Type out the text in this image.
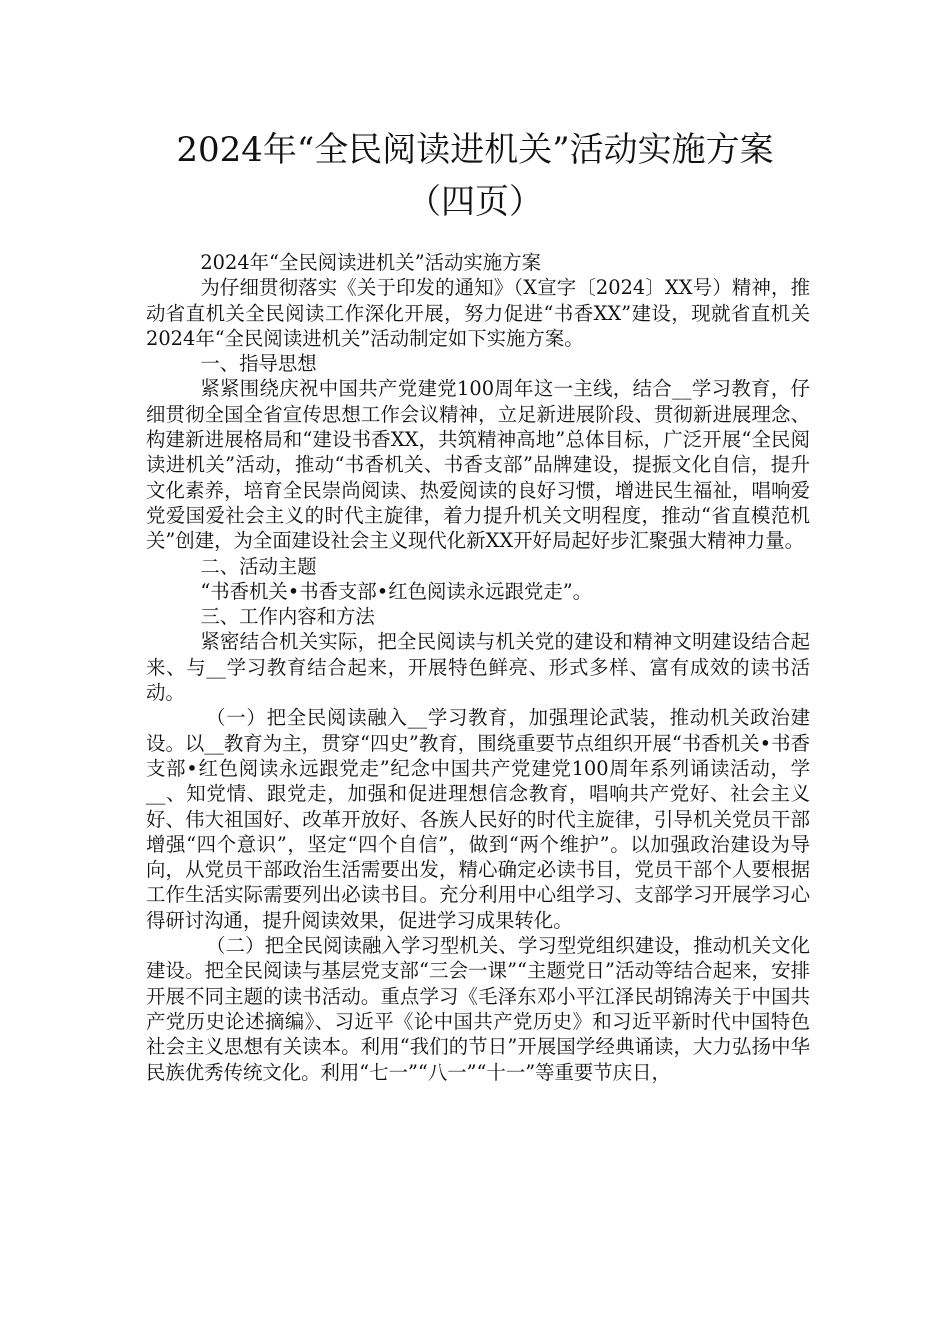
2024年“全民阅读进机关”活动实施方案
（四页）

2024年“全民阅读进机关”活动实施方案

为仔细贯彻落实《关于印发的通知》（X宣字〔2024〕XX号）精神，推动省直机关全民阅读工作深化开展，努力促进“书香XX”建设，现就省直机关2024年“全民阅读进机关”活动制定如下实施方案。

一、指导思想

紧紧围绕庆祝中国共产党建党100周年这一主线，结合__学习教育，仔细贯彻全国全省宣传思想工作会议精神，立足新进展阶段、贯彻新进展理念、构建新进展格局和“建设书香XX，共筑精神高地”总体目标，广泛开展“全民阅读进机关”活动，推动“书香机关、书香支部”品牌建设，提振文化自信，提升文化素养，培育全民崇尚阅读、热爱阅读的良好习惯，增进民生福祉，唱响爱党爱国爱社会主义的时代主旋律，着力提升机关文明程度，推动“省直模范机关”创建，为全面建设社会主义现代化新XX开好局起好步汇聚强大精神力量。

二、活动主题

“书香机关•书香支部•红色阅读永远跟党走”。

三、工作内容和方法

紧密结合机关实际，把全民阅读与机关党的建设和精神文明建设结合起来、与__学习教育结合起来，开展特色鲜亮、形式多样、富有成效的读书活动。

（一）把全民阅读融入__学习教育，加强理论武装，推动机关政治建设。以__教育为主，贯穿“四史”教育，围绕重要节点组织开展“书香机关•书香支部•红色阅读永远跟党走”纪念中国共产党建党100周年系列诵读活动，学__、知党情、跟党走，加强和促进理想信念教育，唱响共产党好、社会主义好、伟大祖国好、改革开放好、各族人民好的时代主旋律，引导机关党员干部增强“四个意识”，坚定“四个自信”，做到“两个维护”。以加强政治建设为导向，从党员干部政治生活需要出发，精心确定必读书目，党员干部个人要根据工作生活实际需要列出必读书目。充分利用中心组学习、支部学习开展学习心得研讨沟通，提升阅读效果，促进学习成果转化。

（二）把全民阅读融入学习型机关、学习型党组织建设，推动机关文化建设。把全民阅读与基层党支部“三会一课”“主题党日”活动等结合起来，安排开展不同主题的读书活动。重点学习《毛泽东邓小平江泽民胡锦涛关于中国共产党历史论述摘编》、习近平《论中国共产党历史》和习近平新时代中国特色社会主义思想有关读本。利用“我们的节日”开展国学经典诵读，大力弘扬中华民族优秀传统文化。利用“七一”“八一”“十一”等重要节庆日，
